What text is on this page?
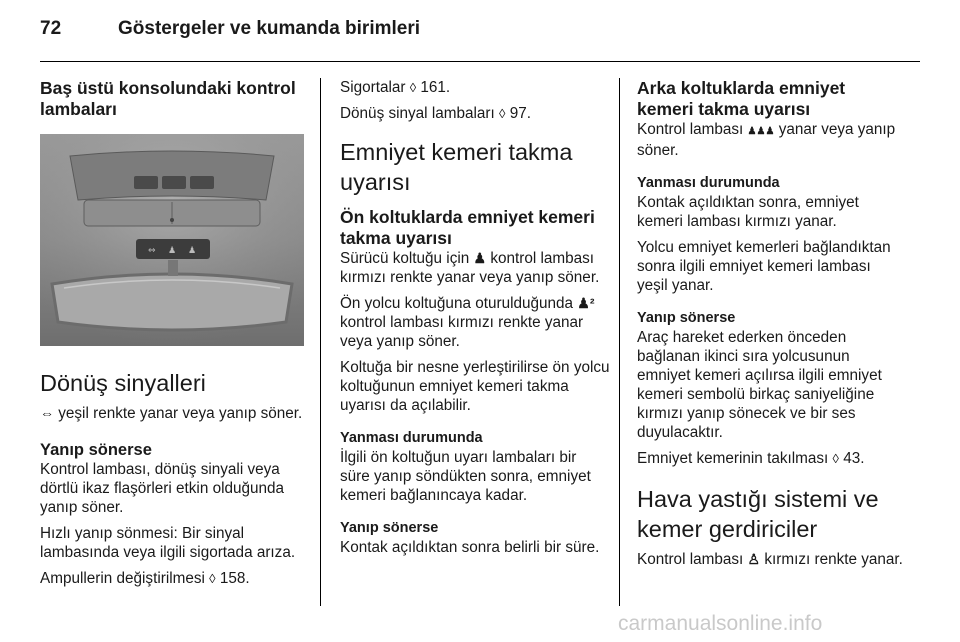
72	Göstergeler ve kumanda birimleri
Baş üstü konsolundaki kontrol lambaları
⇔ ♟ ♟
Dönüş sinyalleri

⇔ yeşil renkte yanar veya yanıp söner.

Yanıp sönerse

Kontrol lambası, dönüş sinyali veya dörtlü ikaz flaşörleri etkin olduğunda yanıp söner.

Hızlı yanıp sönmesi: Bir sinyal lambasında veya ilgili sigortada arıza.

Ampullerin değiştirilmesi ◊ 158.

Sigortalar ◊ 161.

Dönüş sinyal lambaları ◊ 97.

Emniyet kemeri takma uyarısı
Ön koltuklarda emniyet kemeri takma uyarısı

Sürücü koltuğu için ♟ kontrol lambası kırmızı renkte yanar veya yanıp söner.

Ön yolcu koltuğuna oturulduğunda ♟² kontrol lambası kırmızı renkte yanar veya yanıp söner.

Koltuğa bir nesne yerleştirilirse ön yolcu koltuğunun emniyet kemeri takma uyarısı da açılabilir.

Yanması durumunda

İlgili ön koltuğun uyarı lambaları bir süre yanıp söndükten sonra, emniyet kemeri bağlanıncaya kadar.

Yanıp sönerse

Kontak açıldıktan sonra belirli bir süre.

Arka koltuklarda emniyet kemeri takma uyarısı

Kontrol lambası ♟♟♟ yanar veya yanıp söner.

Yanması durumunda

Kontak açıldıktan sonra, emniyet kemeri lambası kırmızı yanar.

Yolcu emniyet kemerleri bağlandıktan sonra ilgili emniyet kemeri lambası yeşil yanar.

Yanıp sönerse

Araç hareket ederken önceden bağlanan ikinci sıra yolcusunun emniyet kemeri açılırsa ilgili emniyet kemeri sembolü birkaç saniyeliğine kırmızı yanıp sönecek ve bir ses duyulacaktır.

Emniyet kemerinin takılması ◊ 43.

Hava yastığı sistemi ve kemer gerdiriciler

Kontrol lambası ♙ kırmızı renkte yanar.

carmanualsonline.info
